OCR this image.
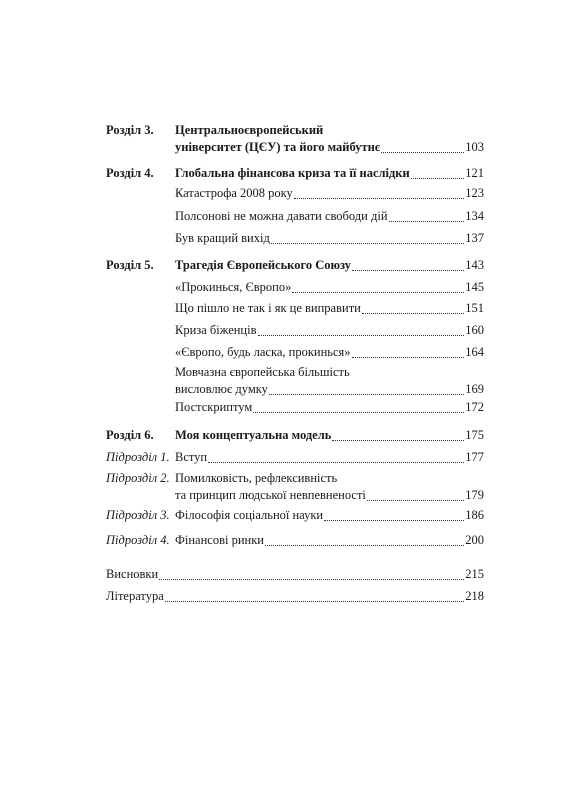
Розділ 3.	Центральноєвропейський
університет (ЦЄУ) та його майбутнє	103
Розділ 4.	Глобальна фінансова криза та її наслідки	121
Катастрофа 2008 року	123
Полсонові не можна давати свободи дій	134
Був кращий вихід	137
Розділ 5.	Трагедія Європейського Союзу	143
«Прокинься, Європо»	145
Що пішло не так і як це виправити	151
Криза біженців	160
«Європо, будь ласка, прокинься»	164
Мовчазна європейська більшість
висловлює думку	169
Постскриптум	172
Розділ 6.	Моя концептуальна модель	175
Підрозділ 1. Вступ	177
Підрозділ 2. Помилковість, рефлексивність
та принцип людської невпевненості	179
Підрозділ 3. Філософія соціальної науки	186
Підрозділ 4. Фінансові ринки	200
Висновки	215
Література	218
